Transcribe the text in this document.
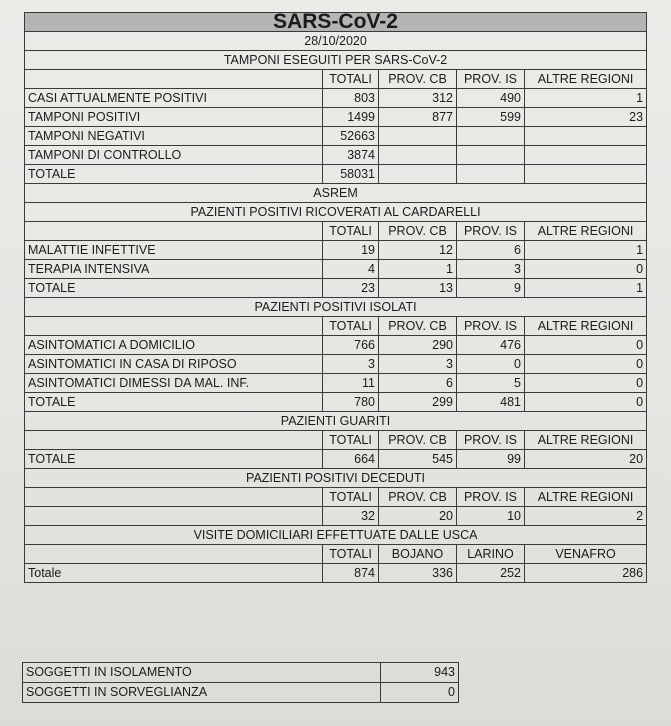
SARS-CoV-2				
28/10/2020				
TAMPONI ESEGUITI PER SARS-CoV-2				
	TOTALI	PROV. CB	PROV. IS	ALTRE REGIONI
CASI ATTUALMENTE POSITIVI	803	312	490	1
TAMPONI POSITIVI	1499	877	599	23
TAMPONI NEGATIVI	52663			
TAMPONI DI CONTROLLO	3874			
TOTALE	58031			
ASREM				
PAZIENTI POSITIVI RICOVERATI AL CARDARELLI				
	TOTALI	PROV. CB	PROV. IS	ALTRE REGIONI
MALATTIE INFETTIVE	19	12	6	1
TERAPIA INTENSIVA	4	1	3	0
TOTALE	23	13	9	1
PAZIENTI POSITIVI ISOLATI				
	TOTALI	PROV. CB	PROV. IS	ALTRE REGIONI
ASINTOMATICI A DOMICILIO	766	290	476	0
ASINTOMATICI IN CASA DI RIPOSO	3	3	0	0
ASINTOMATICI DIMESSI DA MAL. INF.	11	6	5	0
TOTALE	780	299	481	0
PAZIENTI GUARITI				
	TOTALI	PROV. CB	PROV. IS	ALTRE REGIONI
TOTALE	664	545	99	20
PAZIENTI POSITIVI DECEDUTI				
	TOTALI	PROV. CB	PROV. IS	ALTRE REGIONI
	32	20	10	2
VISITE DOMICILIARI EFFETTUATE DALLE USCA				
	TOTALI	BOJANO	LARINO	VENAFRO
Totale	874	336	252	286
SOGGETTI IN ISOLAMENTO	943
SOGGETTI IN SORVEGLIANZA	0
